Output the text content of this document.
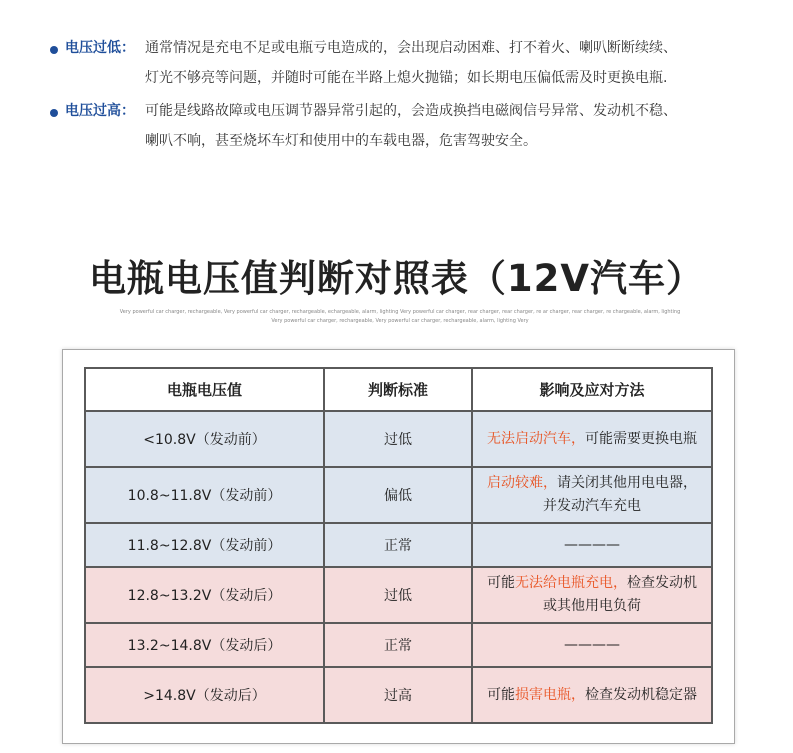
电压过低： 通常情况是充电不足或电瓶亏电造成的，会出现启动困难、打不着火、喇叭断断续续、
灯光不够亮等问题，并随时可能在半路上熄火抛锚；如长期电压偏低需及时更换电瓶.
电压过高： 可能是线路故障或电压调节器异常引起的，会造成换挡电磁阀信号异常、发动机不稳、
喇叭不响，甚至烧坏车灯和使用中的车载电器，危害驾驶安全。
电瓶电压值判断对照表（12V汽车）
Very powerful car charger, rechargeable, Very powerful car charger, rechargeable, echargeable, alarm, lighting Very powerful car charger, rear charger, rear charger, re ar charger, rear charger, re chargeable, alarm, lighting
Very powerful car charger, rechargeable, Very powerful car charger, rechargeable, alarm, lighting Very
电瓶电压值	判断标准	影响及应对方法
<10.8V（发动前）	过低	无法启动汽车，可能需要更换电瓶
10.8~11.8V（发动前）	偏低	启动较难，请关闭其他用电电器，并发动汽车充电
11.8~12.8V（发动前）	正常	————
12.8~13.2V（发动后）	过低	可能无法给电瓶充电，检查发动机或其他用电负荷
13.2~14.8V（发动后）	正常	————
>14.8V（发动后）	过高	可能损害电瓶，检查发动机稳定器
